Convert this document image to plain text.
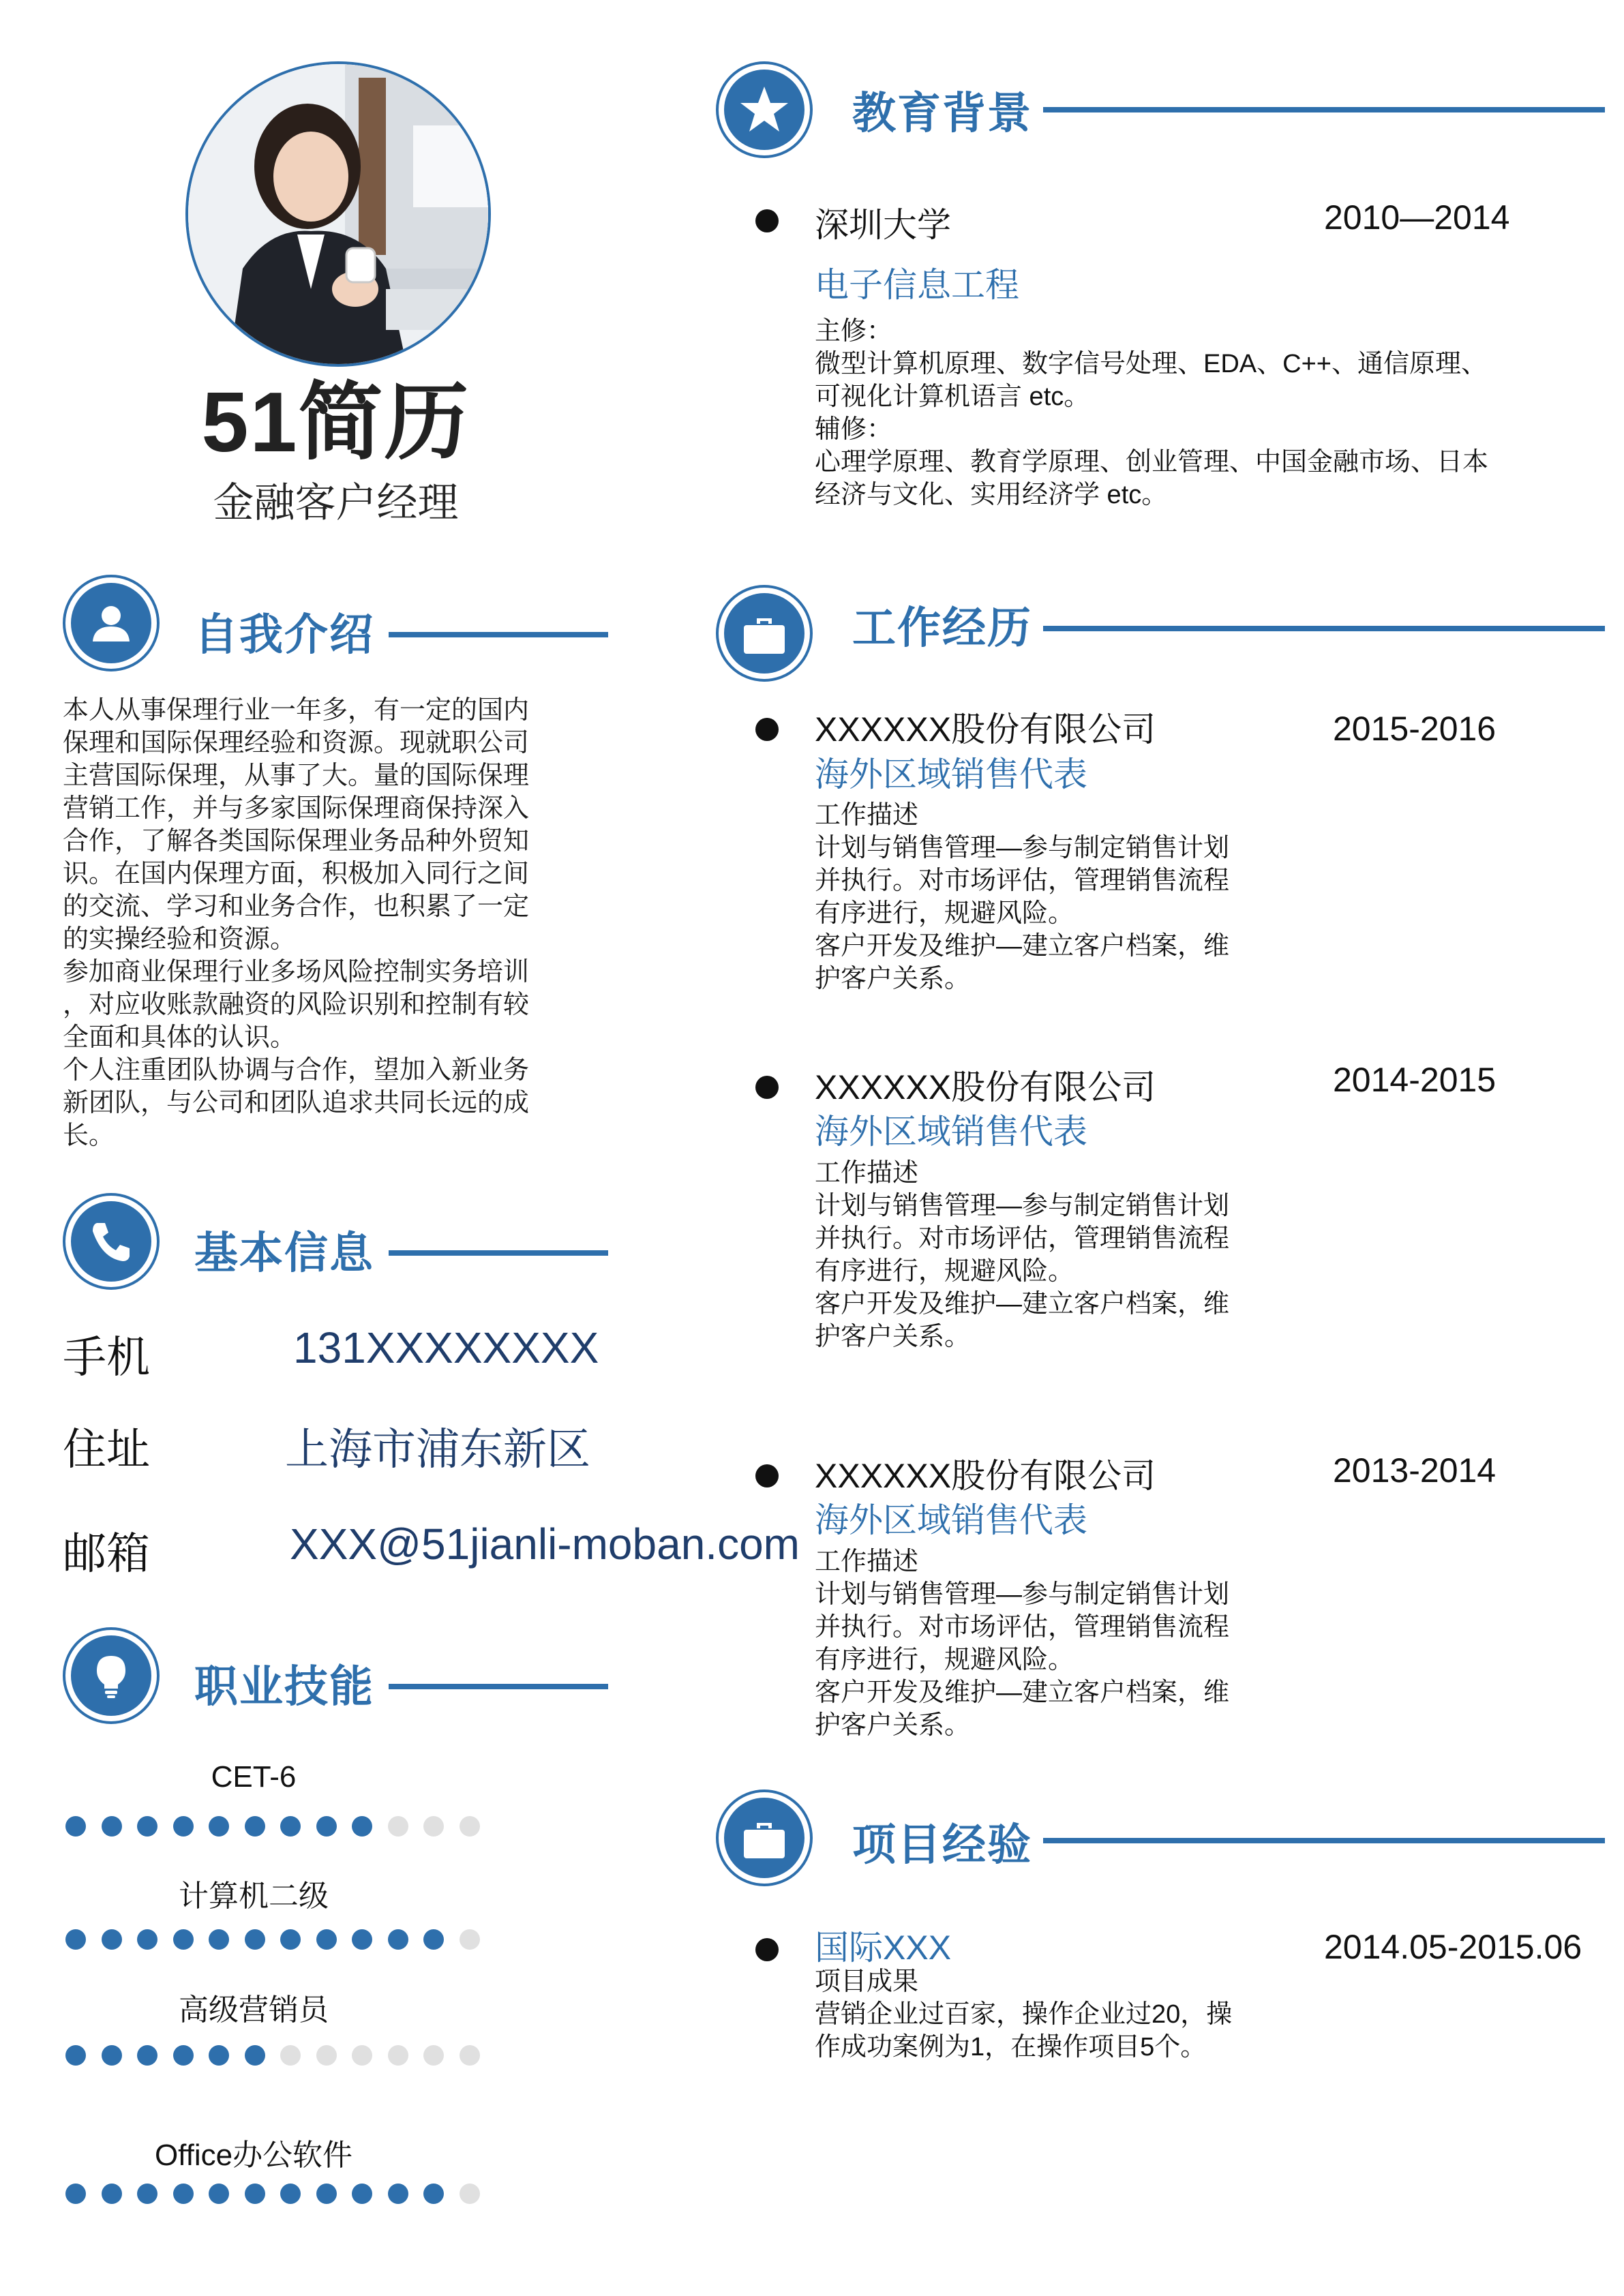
51简历
金融客户经理
自我介绍
本人从事保理行业一年多，有一定的国内
保理和国际保理经验和资源。现就职公司
主营国际保理，从事了大。量的国际保理
营销工作，并与多家国际保理商保持深入
合作，了解各类国际保理业务品种外贸知
识。在国内保理方面，积极加入同行之间
的交流、学习和业务合作，也积累了一定
的实操经验和资源。
参加商业保理行业多场风险控制实务培训
，对应收账款融资的风险识别和控制有较
全面和具体的认识。
个人注重团队协调与合作，望加入新业务
新团队，与公司和团队追求共同长远的成
长。
基本信息
手机	131XXXXXXXX
住址	上海市浦东新区
邮箱	XXX@51jianli-moban.com
职业技能
CET-6
计算机二级
高级营销员
Office办公软件
教育背景
深圳大学	2010—2014
电子信息工程
主修：
微型计算机原理、数字信号处理、EDA、C++、通信原理、
可视化计算机语言 etc。
辅修：
心理学原理、教育学原理、创业管理、中国金融市场、日本
经济与文化、实用经济学 etc。
工作经历
XXXXXX股份有限公司	2015-2016
海外区域销售代表
工作描述
计划与销售管理—参与制定销售计划
并执行。对市场评估，管理销售流程
有序进行，规避风险。
客户开发及维护—建立客户档案，维
护客户关系。
XXXXXX股份有限公司	2014-2015
海外区域销售代表
工作描述
计划与销售管理—参与制定销售计划
并执行。对市场评估，管理销售流程
有序进行，规避风险。
客户开发及维护—建立客户档案，维
护客户关系。
XXXXXX股份有限公司	2013-2014
海外区域销售代表
工作描述
计划与销售管理—参与制定销售计划
并执行。对市场评估，管理销售流程
有序进行，规避风险。
客户开发及维护—建立客户档案，维
护客户关系。
项目经验
国际XXX	2014.05-2015.06
项目成果
营销企业过百家，操作企业过20，操
作成功案例为1，在操作项目5个。
